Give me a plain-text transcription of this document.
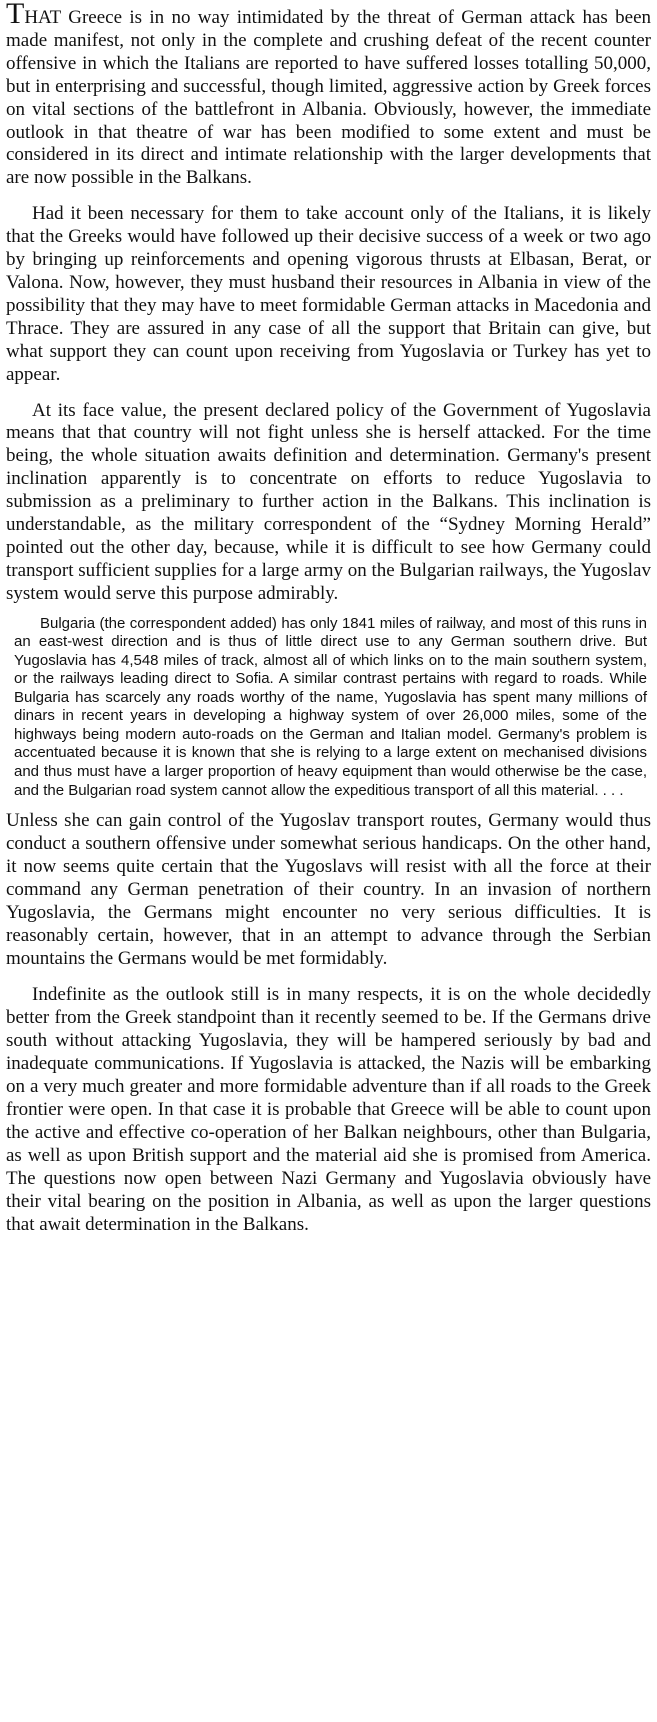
THAT Greece is in no way intimidated by the threat of German attack has been made manifest, not only in the complete and crushing defeat of the recent counter offensive in which the Italians are reported to have suffered losses totalling 50,000, but in enterprising and successful, though limited, aggressive action by Greek forces on vital sections of the battlefront in Albania. Obviously, however, the immediate outlook in that theatre of war has been modified to some extent and must be considered in its direct and intimate relationship with the larger developments that are now possible in the Balkans.

Had it been necessary for them to take account only of the Italians, it is likely that the Greeks would have followed up their decisive success of a week or two ago by bringing up reinforcements and opening vigorous thrusts at Elbasan, Berat, or Valona. Now, however, they must husband their resources in Albania in view of the possibility that they may have to meet formidable German attacks in Macedonia and Thrace. They are assured in any case of all the support that Britain can give, but what support they can count upon receiving from Yugoslavia or Turkey has yet to appear.

At its face value, the present declared policy of the Government of Yugoslavia means that that country will not fight unless she is herself attacked. For the time being, the whole situation awaits definition and determination. Germany's present inclination apparently is to concentrate on efforts to reduce Yugoslavia to submission as a preliminary to further action in the Balkans. This inclination is understandable, as the military correspondent of the “Sydney Morning Herald” pointed out the other day, because, while it is difficult to see how Germany could transport sufficient supplies for a large army on the Bulgarian railways, the Yugoslav system would serve this purpose admirably.

Bulgaria (the correspondent added) has only 1841 miles of railway, and most of this runs in an east-west direction and is thus of little direct use to any German southern drive. But Yugoslavia has 4,548 miles of track, almost all of which links on to the main southern system, or the railways leading direct to Sofia. A similar contrast pertains with regard to roads. While Bulgaria has scarcely any roads worthy of the name, Yugoslavia has spent many millions of dinars in recent years in developing a highway system of over 26,000 miles, some of the highways being modern auto-roads on the German and Italian model. Germany's problem is accentuated because it is known that she is relying to a large extent on mechanised divisions and thus must have a larger proportion of heavy equipment than would otherwise be the case, and the Bulgarian road system cannot allow the expeditious transport of all this material. . . .

Unless she can gain control of the Yugoslav transport routes, Germany would thus conduct a southern offensive under somewhat serious handicaps. On the other hand, it now seems quite certain that the Yugoslavs will resist with all the force at their command any German penetration of their country. In an invasion of northern Yugoslavia, the Germans might encounter no very serious difficulties. It is reasonably certain, however, that in an attempt to advance through the Serbian mountains the Germans would be met formidably.

Indefinite as the outlook still is in many respects, it is on the whole decidedly better from the Greek standpoint than it recently seemed to be. If the Germans drive south without attacking Yugoslavia, they will be hampered seriously by bad and inadequate communications. If Yugoslavia is attacked, the Nazis will be embarking on a very much greater and more formidable adventure than if all roads to the Greek frontier were open. In that case it is probable that Greece will be able to count upon the active and effective co-operation of her Balkan neighbours, other than Bulgaria, as well as upon British support and the material aid she is promised from America. The questions now open between Nazi Germany and Yugoslavia obviously have their vital bearing on the position in Albania, as well as upon the larger questions that await determination in the Balkans.
